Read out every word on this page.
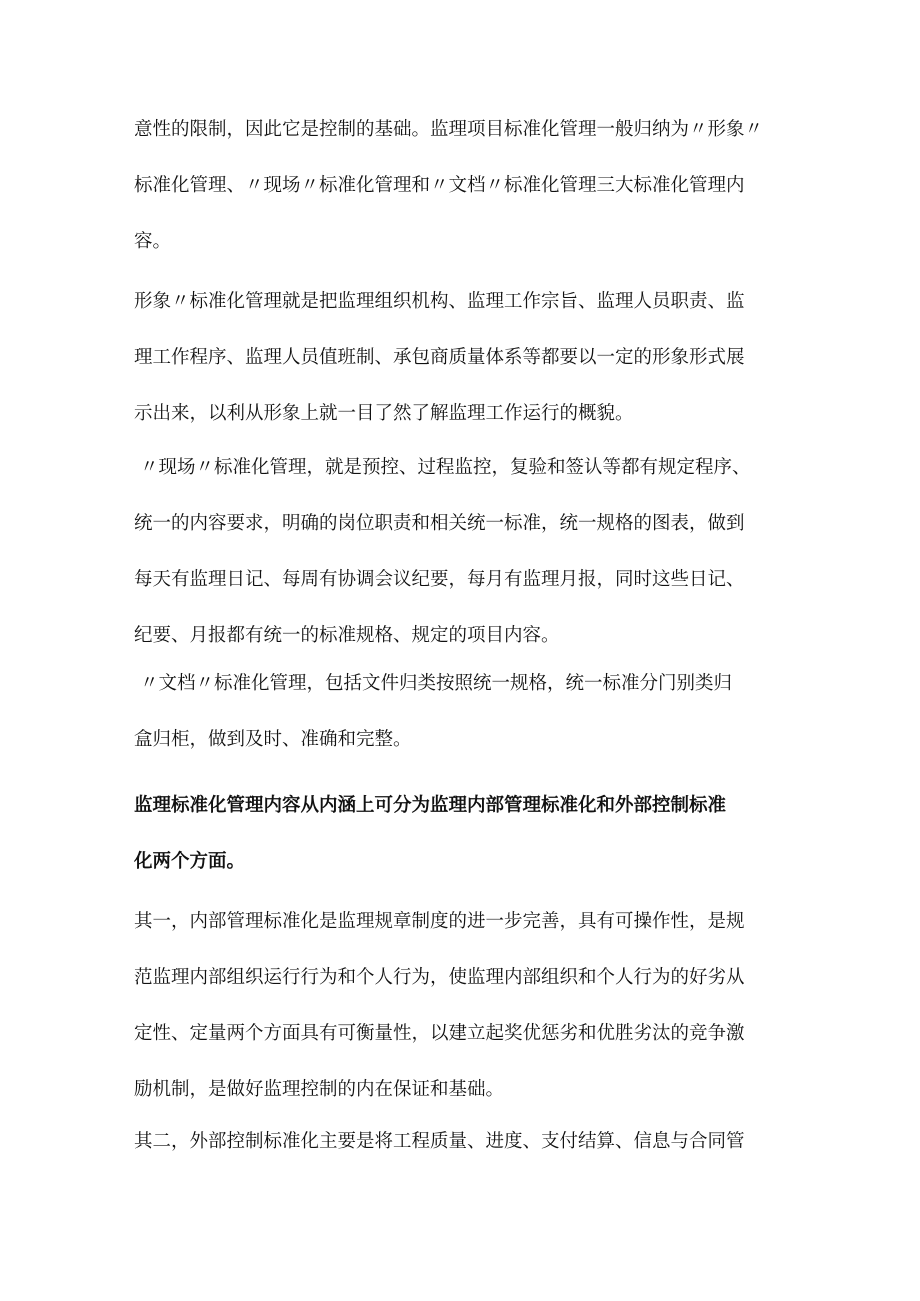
意性的限制，因此它是控制的基础。监理项目标准化管理一般归纳为〃形象〃
标准化管理、〃现场〃标准化管理和〃文档〃标准化管理三大标准化管理内
容。

形象〃标准化管理就是把监理组织机构、监理工作宗旨、监理人员职责、监
理工作程序、监理人员值班制、承包商质量体系等都要以一定的形象形式展
示出来，以利从形象上就一目了然了解监理工作运行的概貌。

〃现场〃标准化管理，就是预控、过程监控，复验和签认等都有规定程序、
统一的内容要求，明确的岗位职责和相关统一标准，统一规格的图表，做到
每天有监理日记、每周有协调会议纪要，每月有监理月报，同时这些日记、
纪要、月报都有统一的标准规格、规定的项目内容。

〃文档〃标准化管理，包括文件归类按照统一规格，统一标准分门别类归
盒归柜，做到及时、准确和完整。

监理标准化管理内容从内涵上可分为监理内部管理标准化和外部控制标准
化两个方面。

其一，内部管理标准化是监理规章制度的进一步完善，具有可操作性，是规
范监理内部组织运行行为和个人行为，使监理内部组织和个人行为的好劣从
定性、定量两个方面具有可衡量性，以建立起奖优惩劣和优胜劣汰的竞争激
励机制，是做好监理控制的内在保证和基础。

其二，外部控制标准化主要是将工程质量、进度、支付结算、信息与合同管
